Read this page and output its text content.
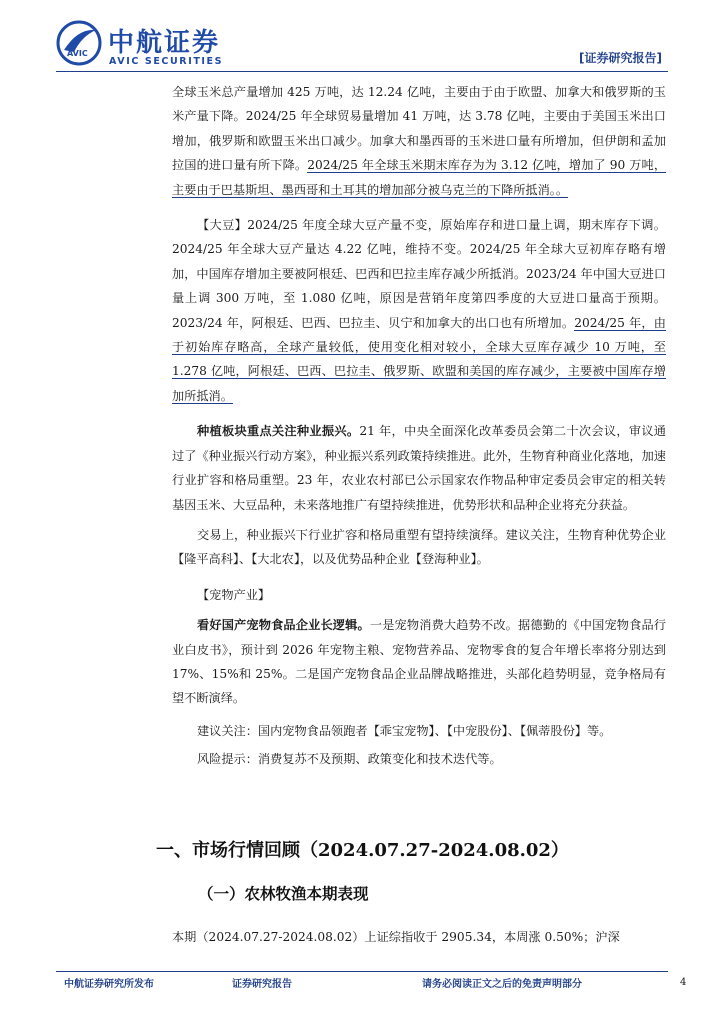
AVIC 中航证券
AVIC SECURITIES	[证券研究报告]

全球玉米总产量增加 425 万吨，达 12.24 亿吨，主要由于由于欧盟、加拿大和俄罗斯的玉米产量下降。2024/25 年全球贸易量增加 41 万吨，达 3.78 亿吨，主要由于美国玉米出口增加，俄罗斯和欧盟玉米出口减少。加拿大和墨西哥的玉米进口量有所增加，但伊朗和孟加拉国的进口量有所下降。2024/25 年全球玉米期末库存为为 3.12 亿吨，增加了 90 万吨，主要由于巴基斯坦、墨西哥和土耳其的增加部分被乌克兰的下降所抵消。。

【大豆】2024/25 年度全球大豆产量不变，原始库存和进口量上调，期末库存下调。2024/25 年全球大豆产量达 4.22 亿吨，维持不变。2024/25 年全球大豆初库存略有增加，中国库存增加主要被阿根廷、巴西和巴拉圭库存减少所抵消。2023/24 年中国大豆进口量上调 300 万吨，至 1.080 亿吨，原因是营销年度第四季度的大豆进口量高于预期。2023/24 年，阿根廷、巴西、巴拉圭、贝宁和加拿大的出口也有所增加。2024/25 年，由于初始库存略高，全球产量较低，使用变化相对较小，全球大豆库存减少 10 万吨，至 1.278 亿吨，阿根廷、巴西、巴拉圭、俄罗斯、欧盟和美国的库存减少，主要被中国库存增加所抵消。

种植板块重点关注种业振兴。21 年，中央全面深化改革委员会第二十次会议，审议通过了《种业振兴行动方案》，种业振兴系列政策持续推进。此外，生物育种商业化落地，加速行业扩容和格局重塑。23 年，农业农村部已公示国家农作物品种审定委员会审定的相关转基因玉米、大豆品种，未来落地推广有望持续推进，优势形状和品种企业将充分获益。

交易上，种业振兴下行业扩容和格局重塑有望持续演绎。建议关注，生物育种优势企业【隆平高科】、【大北农】，以及优势品种企业【登海种业】。

【宠物产业】

看好国产宠物食品企业长逻辑。一是宠物消费大趋势不改。据德勤的《中国宠物食品行业白皮书》，预计到 2026 年宠物主粮、宠物营养品、宠物零食的复合年增长率将分别达到 17%、15%和 25%。二是国产宠物食品企业品牌战略推进，头部化趋势明显，竞争格局有望不断演绎。

建议关注：国内宠物食品领跑者【乖宝宠物】、【中宠股份】、【佩蒂股份】等。

风险提示：消费复苏不及预期、政策变化和技术迭代等。

一、市场行情回顾（2024.07.27-2024.08.02）
（一）农林牧渔本期表现
本期（2024.07.27-2024.08.02）上证综指收于 2905.34，本周涨 0.50%；沪深
中航证券研究所发布	证券研究报告	请务必阅读正文之后的免责声明部分	4
